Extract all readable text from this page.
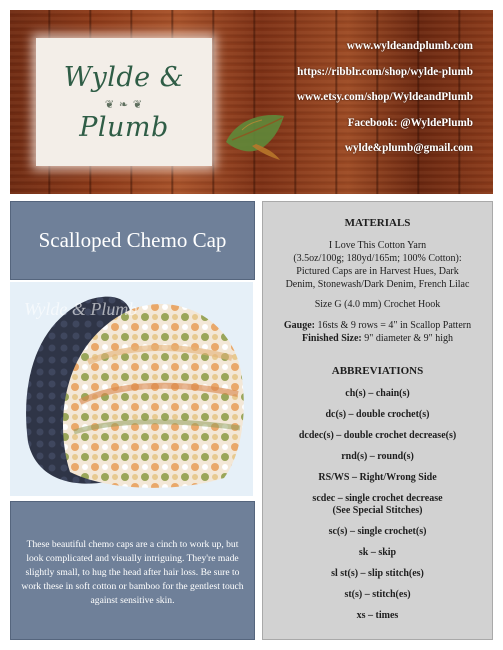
Wylde &
❦ ❧ ❦
Plumb
www.wyldeandplumb.com
https://ribblr.com/shop/wylde-plumb
www.etsy.com/shop/WyldeandPlumb
Facebook: @WyldePlumb
wylde&plumb@gmail.com
Scalloped Chemo Cap
Wylde & Plumb
These beautiful chemo caps are a cinch to work up, but look complicated and visually intriguing. They're made slightly small, to hug the head after hair loss. Be sure to work these in soft cotton or bamboo for the gentlest touch against sensitive skin.
MATERIALS
I Love This Cotton Yarn
(3.5oz/100g; 180yd/165m; 100% Cotton):
Pictured Caps are in Harvest Hues, Dark
Denim, Stonewash/Dark Denim, French Lilac
Size G (4.0 mm) Crochet Hook
Gauge: 16sts & 9 rows = 4" in Scallop Pattern
Finished Size: 9" diameter & 9" high
ABBREVIATIONS
ch(s) – chain(s)
dc(s) – double crochet(s)
dcdec(s) – double crochet decrease(s)
rnd(s) – round(s)
RS/WS – Right/Wrong Side
scdec – single crochet decrease
(See Special Stitches)
sc(s) – single crochet(s)
sk – skip
sl st(s) – slip stitch(es)
st(s) – stitch(es)
xs – times
